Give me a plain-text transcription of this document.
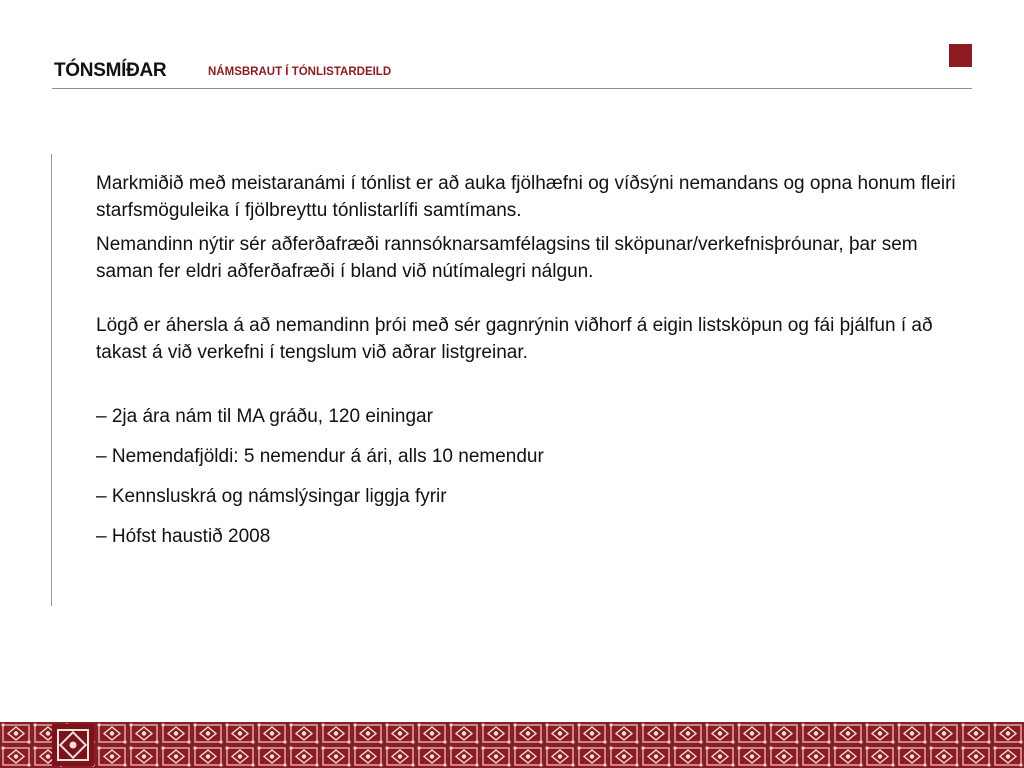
TÓNSMÍÐAR	NÁMSBRAUT Í TÓNLISTARDEILD

Markmiðið með meistaranámi í tónlist er að auka fjölhæfni og víðsýni nemandans og opna honum fleiri starfsmöguleika í fjölbreyttu tónlistarlífi samtímans.

Nemandinn nýtir sér aðferðafræði rannsóknarsamfélagsins til sköpunar/verkefnisþróunar, þar sem saman fer eldri aðferðafræði í bland við nútímalegri nálgun.

Lögð er áhersla á að nemandinn þrói með sér gagnrýnin viðhorf á eigin listsköpun og fái þjálfun í að takast á við verkefni í tengslum við aðrar listgreinar.

– 2ja ára nám til MA gráðu, 120 einingar
– Nemendafjöldi: 5 nemendur á ári, alls 10 nemendur
– Kennsluskrá og námslýsingar liggja fyrir
– Hófst haustið 2008
